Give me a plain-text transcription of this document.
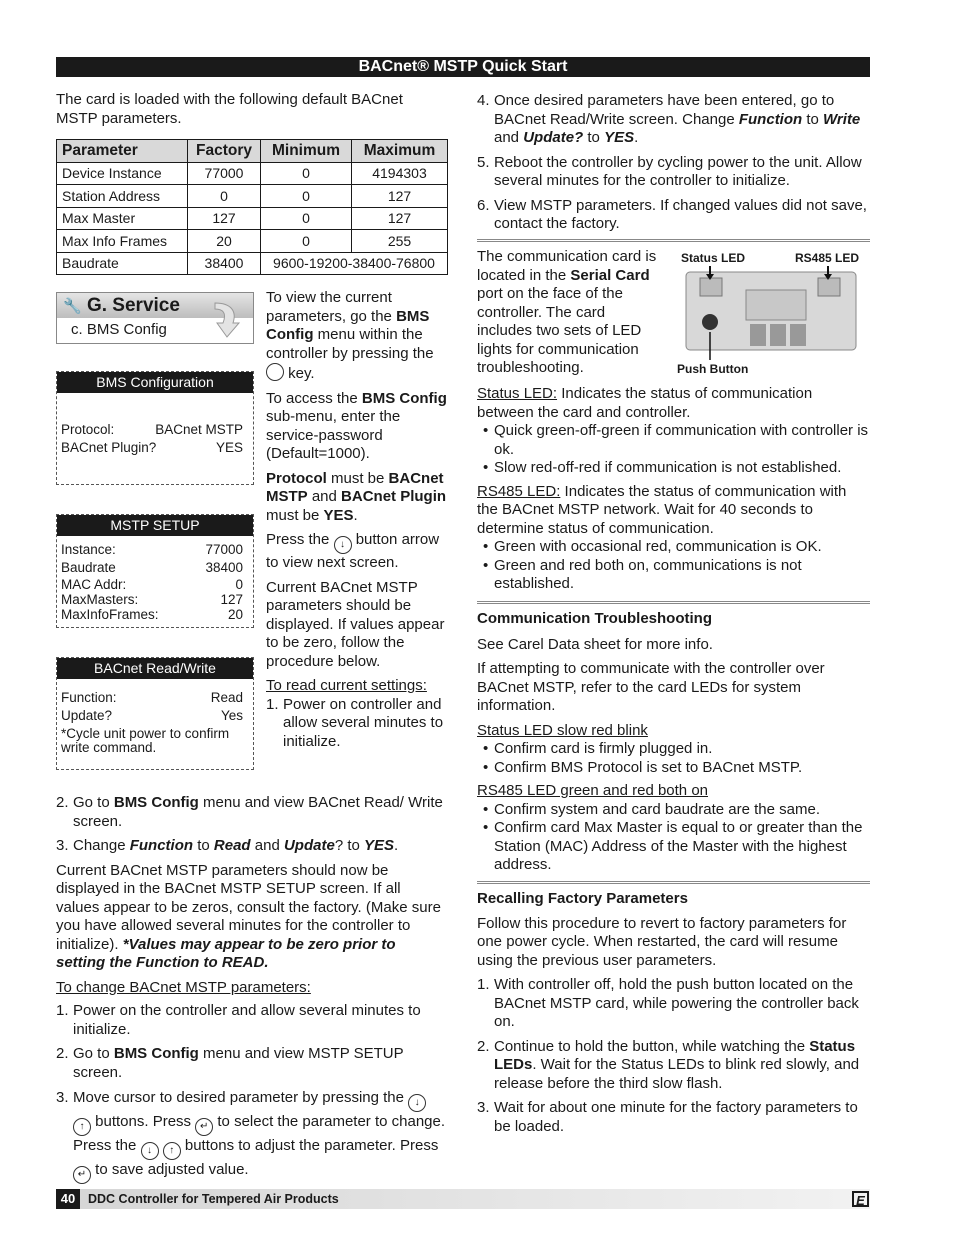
BACnet® MSTP Quick Start

The card is loaded with the following default BACnet MSTP parameters.

Parameter	Factory	Minimum	Maximum
Device Instance	77000	0	4194303
Station Address	0	0	127
Max Master	127	0	127
Max Info Frames	20	0	255
Baudrate	38400	9600-19200-38400-76800	
🔧 G. Service
c. BMS Config
BMS Configuration
Protocol:	BACnet MSTP
BACnet Plugin?	YES
MSTP SETUP
Instance:	77000
Baudrate	38400
MAC Addr:	0
MaxMasters:	127
MaxInfoFrames:	20
BACnet Read/Write
Function:	Read
Update?	Yes
*Cycle unit power to confirm write command.

To view the current parameters, go the BMS Config menu within the controller by pressing the  key.

To access the BMS Config sub-menu, enter the service-password (Default=1000).

Protocol must be BACnet MSTP and BACnet Plugin must be YES.

Press the ↓ button arrow to view next screen.

Current BACnet MSTP parameters should be displayed. If values appear to be zero, follow the procedure below.

To read current settings:

1. Power on controller and allow several minutes to initialize.
2. Go to BMS Config menu and view BACnet Read/ Write screen.
3. Change Function to Read and Update? to YES.

Current BACnet MSTP parameters should now be displayed in the BACnet MSTP SETUP screen. If all values appear to be zeros, consult the factory. (Make sure you have allowed several minutes for the controller to initialize). *Values may appear to be zero prior to setting the Function to READ.

To change BACnet MSTP parameters:

1. Power on the controller and allow several minutes to initialize.
2. Go to BMS Config menu and view MSTP SETUP screen.
3. Move cursor to desired parameter by pressing the ↓ ↑ buttons. Press ↵ to select the parameter to change. Press the ↓ ↑ buttons to adjust the parameter. Press ↵ to save adjusted value.
4. Once desired parameters have been entered, go to BACnet Read/Write screen. Change Function to Write and Update? to YES.
5. Reboot the controller by cycling power to the unit. Allow several minutes for the controller to initialize.
6. View MSTP parameters. If changed values did not save, contact the factory.

The communication card is located in the Serial Card port on the face of the controller. The card includes two sets of LED lights for communication troubleshooting.

Status LED	RS485 LED
Push Button

Status LED: Indicates the status of communication between the card and controller.

• Quick green-off-green if communication with controller is ok.
• Slow red-off-red if communication is not established.

RS485 LED: Indicates the status of communication with the BACnet MSTP network. Wait for 40 seconds to determine status of communication.

• Green with occasional red, communication is OK.
• Green and red both on, communications is not established.

Communication Troubleshooting

See Carel Data sheet for more info.

If attempting to communicate with the controller over BACnet MSTP, refer to the card LEDs for system information.

Status LED slow red blink

• Confirm card is firmly plugged in.
• Confirm BMS Protocol is set to BACnet MSTP.

RS485 LED green and red both on

• Confirm system and card baudrate are the same.
• Confirm card Max Master is equal to or greater than the Station (MAC) Address of the Master with the highest address.

Recalling Factory Parameters

Follow this procedure to revert to factory parameters for one power cycle. When restarted, the card will resume using the previous user parameters.

1. With controller off, hold the push button located on the BACnet MSTP card, while powering the controller back on.
2. Continue to hold the button, while watching the Status LEDs. Wait for the Status LEDs to blink red slowly, and release before the third slow flash.
3. Wait for about one minute for the factory parameters to be loaded.
40	DDC Controller for Tempered Air Products	E
